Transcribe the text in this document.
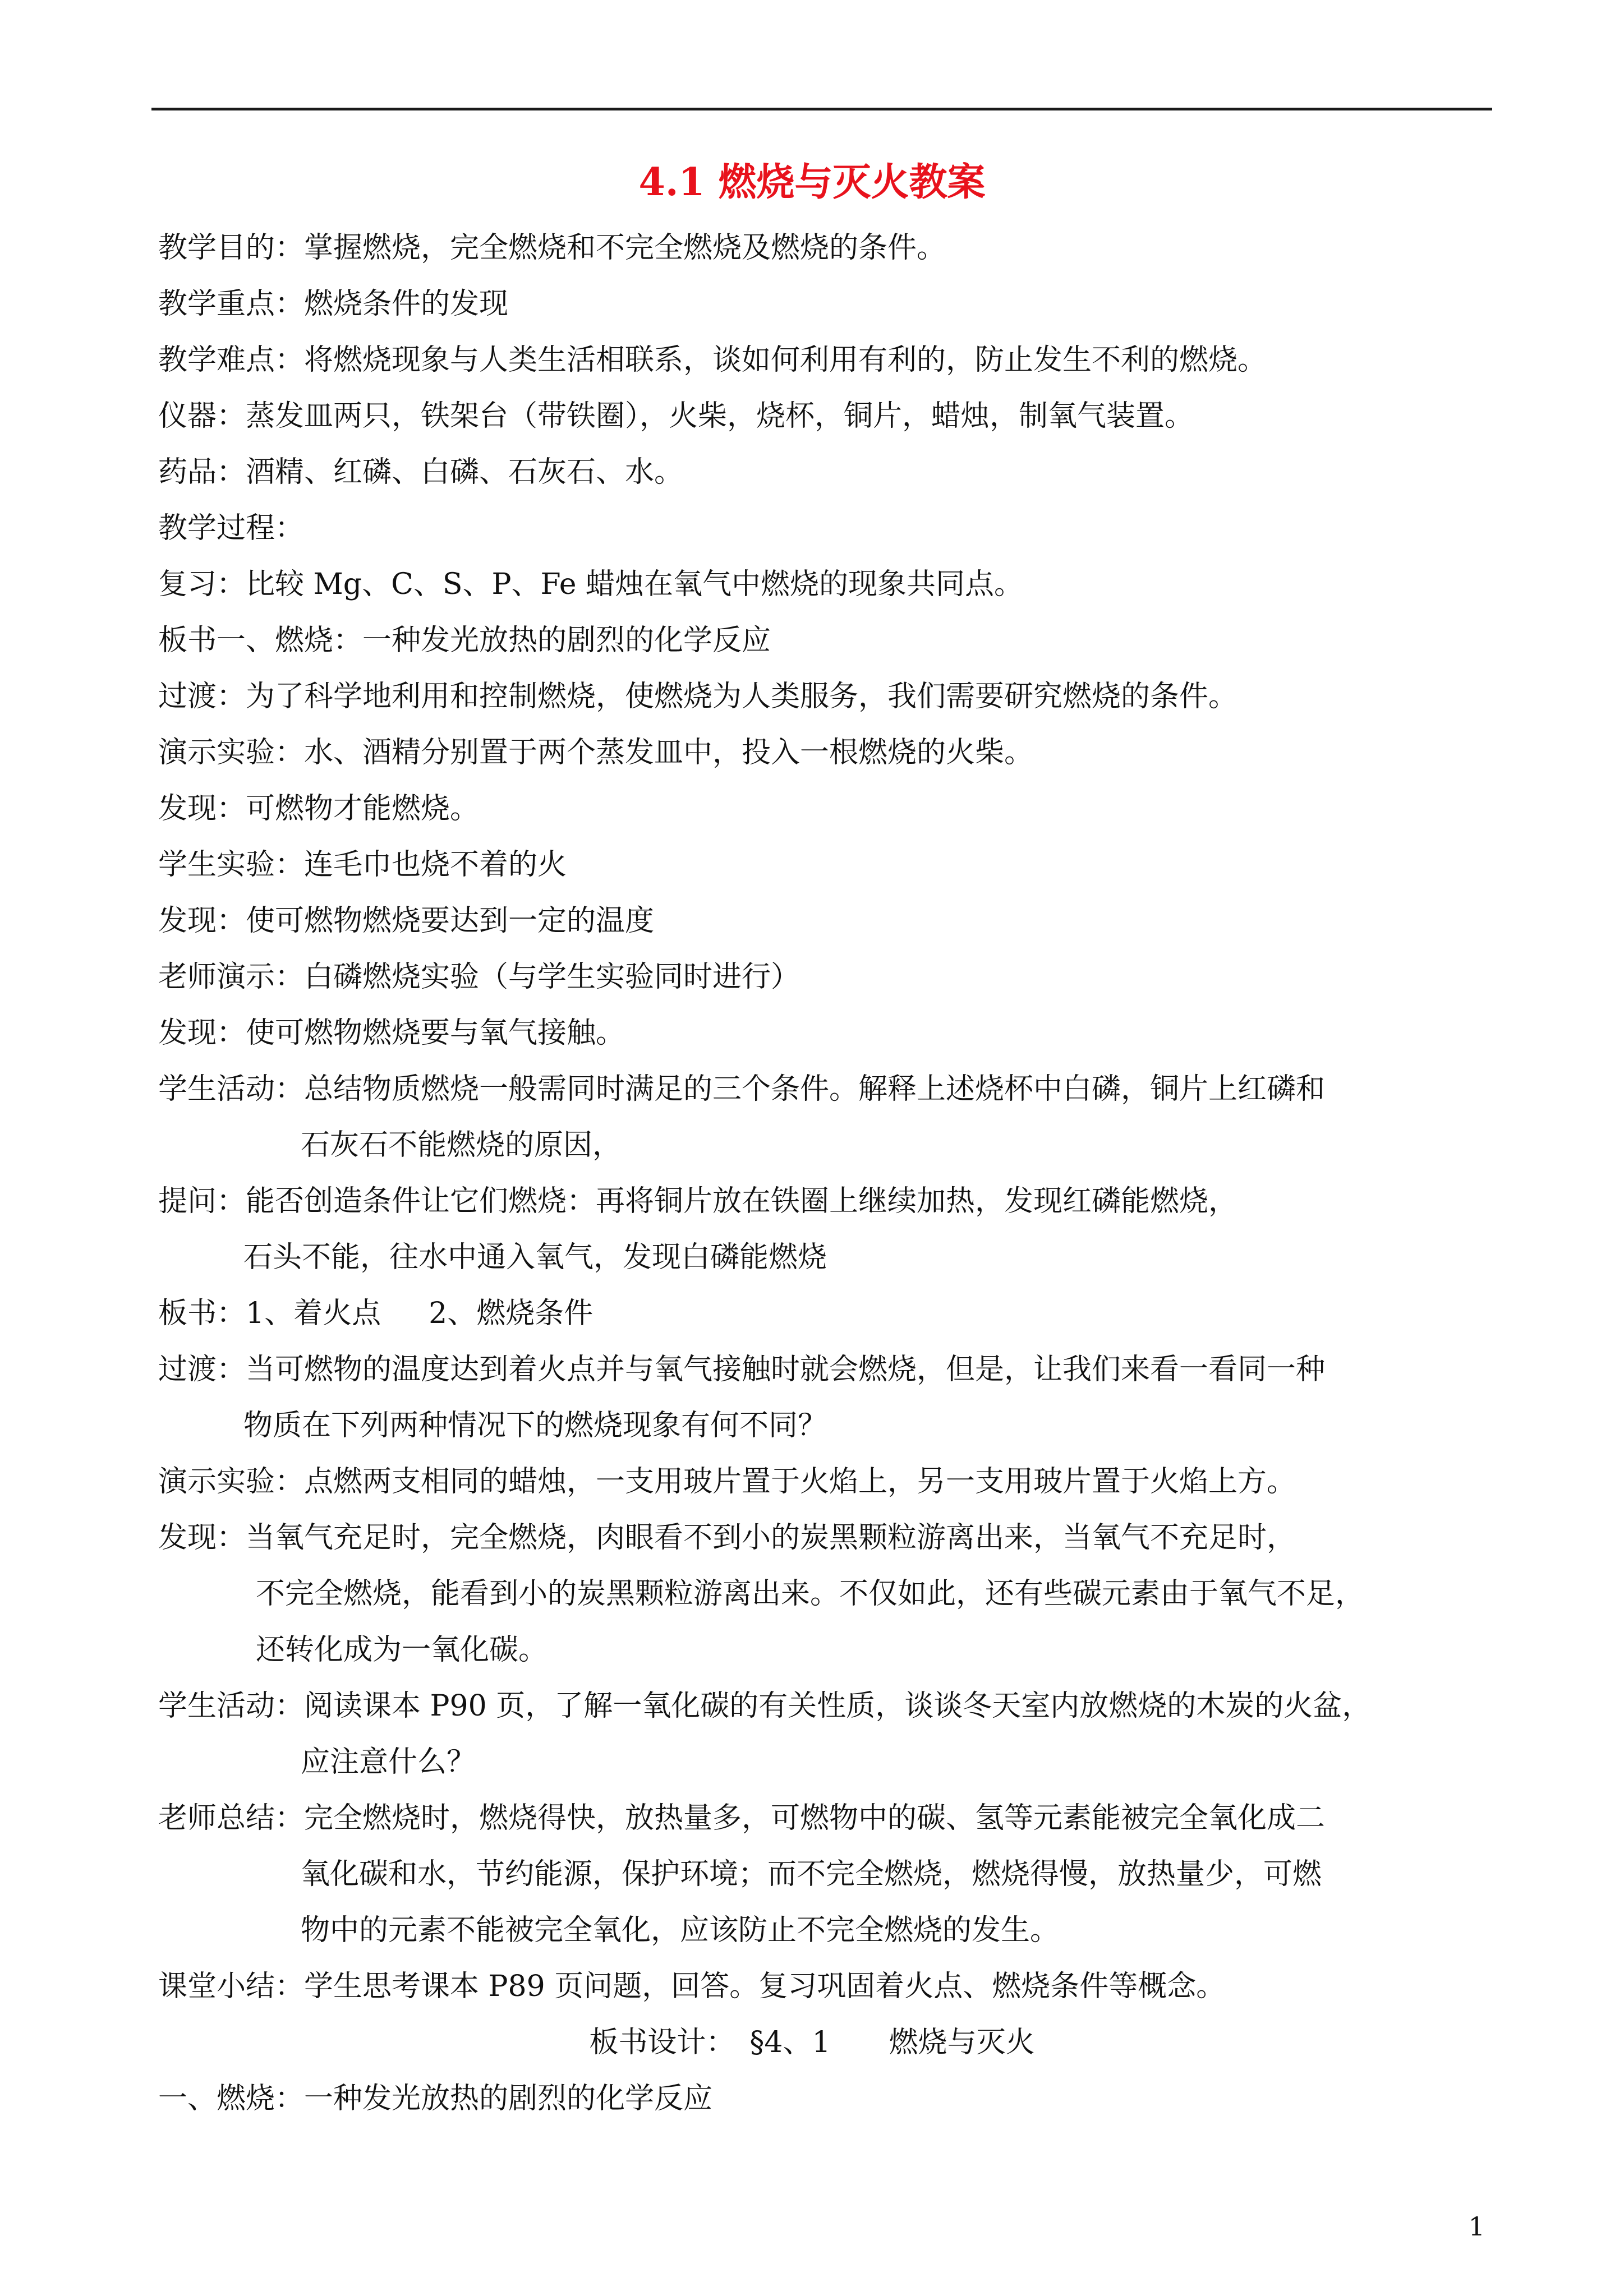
4.1 燃烧与灭火教案
教学目的：掌握燃烧，完全燃烧和不完全燃烧及燃烧的条件。
教学重点：燃烧条件的发现
教学难点：将燃烧现象与人类生活相联系，谈如何利用有利的，防止发生不利的燃烧。
仪器：蒸发皿两只，铁架台（带铁圈），火柴，烧杯，铜片，蜡烛，制氧气装置。
药品：酒精、红磷、白磷、石灰石、水。
教学过程：
复习：比较 Mg、C、S、P、Fe 蜡烛在氧气中燃烧的现象共同点。
板书一、燃烧：一种发光放热的剧烈的化学反应
过渡：为了科学地利用和控制燃烧，使燃烧为人类服务，我们需要研究燃烧的条件。
演示实验：水、酒精分别置于两个蒸发皿中，投入一根燃烧的火柴。
发现：可燃物才能燃烧。
学生实验：连毛巾也烧不着的火
发现：使可燃物燃烧要达到一定的温度
老师演示：白磷燃烧实验（与学生实验同时进行）
发现：使可燃物燃烧要与氧气接触。
学生活动：总结物质燃烧一般需同时满足的三个条件。解释上述烧杯中白磷，铜片上红磷和
石灰石不能燃烧的原因，
提问：能否创造条件让它们燃烧：再将铜片放在铁圈上继续加热，发现红磷能燃烧，
石头不能，往水中通入氧气，发现白磷能燃烧
板书：1、着火点　  2、燃烧条件
过渡：当可燃物的温度达到着火点并与氧气接触时就会燃烧，但是，让我们来看一看同一种
物质在下列两种情况下的燃烧现象有何不同？
演示实验：点燃两支相同的蜡烛，一支用玻片置于火焰上，另一支用玻片置于火焰上方。
发现：当氧气充足时，完全燃烧，肉眼看不到小的炭黑颗粒游离出来，当氧气不充足时，
不完全燃烧，能看到小的炭黑颗粒游离出来。不仅如此，还有些碳元素由于氧气不足，
还转化成为一氧化碳。
学生活动：阅读课本 P90 页，了解一氧化碳的有关性质，谈谈冬天室内放燃烧的木炭的火盆，
应注意什么？
老师总结：完全燃烧时，燃烧得快，放热量多，可燃物中的碳、氢等元素能被完全氧化成二
氧化碳和水，节约能源，保护环境；而不完全燃烧，燃烧得慢，放热量少，可燃
物中的元素不能被完全氧化，应该防止不完全燃烧的发生。
课堂小结：学生思考课本 P89 页问题，回答。复习巩固着火点、燃烧条件等概念。
板书设计：　§4、1　　燃烧与灭火
一、燃烧：一种发光放热的剧烈的化学反应
1
